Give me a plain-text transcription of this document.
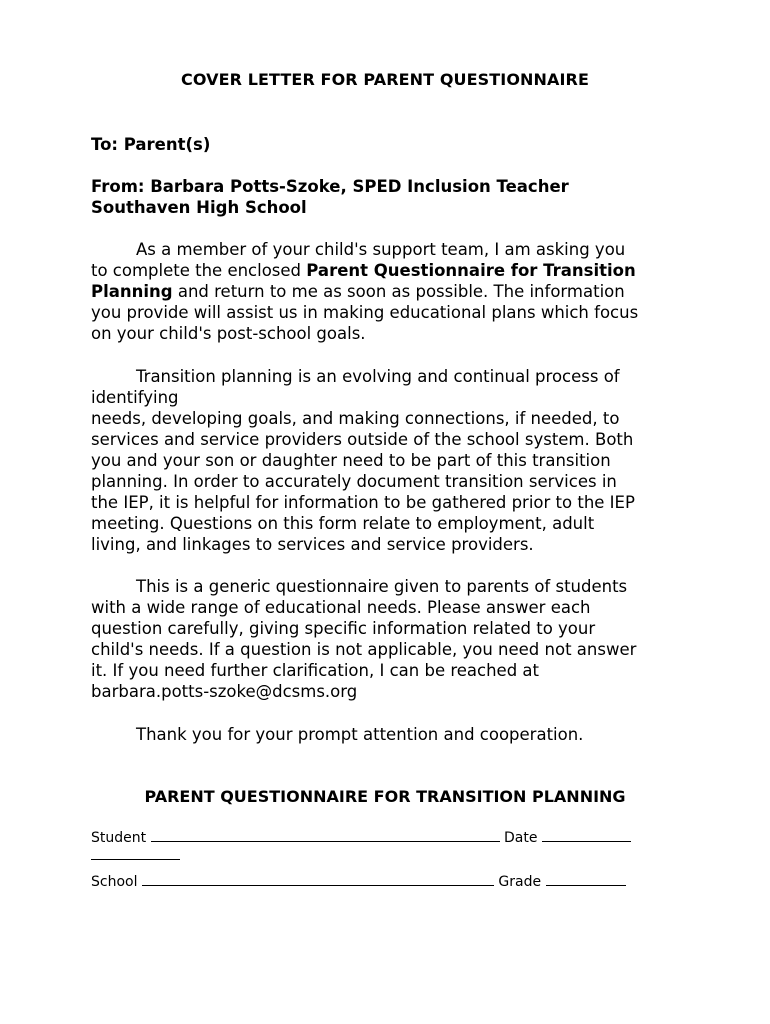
COVER LETTER FOR PARENT QUESTIONNAIRE
To: Parent(s)
From: Barbara Potts-Szoke, SPED Inclusion Teacher
Southaven High School
As a member of your child's support team, I am asking you
to complete the enclosed Parent Questionnaire for Transition
Planning and return to me as soon as possible. The information
you provide will assist us in making educational plans which focus
on your child's post-school goals.
Transition planning is an evolving and continual process of
identifying
needs, developing goals, and making connections, if needed, to
services and service providers outside of the school system. Both
you and your son or daughter need to be part of this transition
planning. In order to accurately document transition services in
the IEP, it is helpful for information to be gathered prior to the IEP
meeting. Questions on this form relate to employment, adult
living, and linkages to services and service providers.
This is a generic questionnaire given to parents of students
with a wide range of educational needs. Please answer each
question carefully, giving specific information related to your
child's needs. If a question is not applicable, you need not answer
it. If you need further clarification, I can be reached at
barbara.potts-szoke@dcsms.org
Thank you for your prompt attention and cooperation.
PARENT QUESTIONNAIRE FOR TRANSITION PLANNING
Student	Date
School	Grade
